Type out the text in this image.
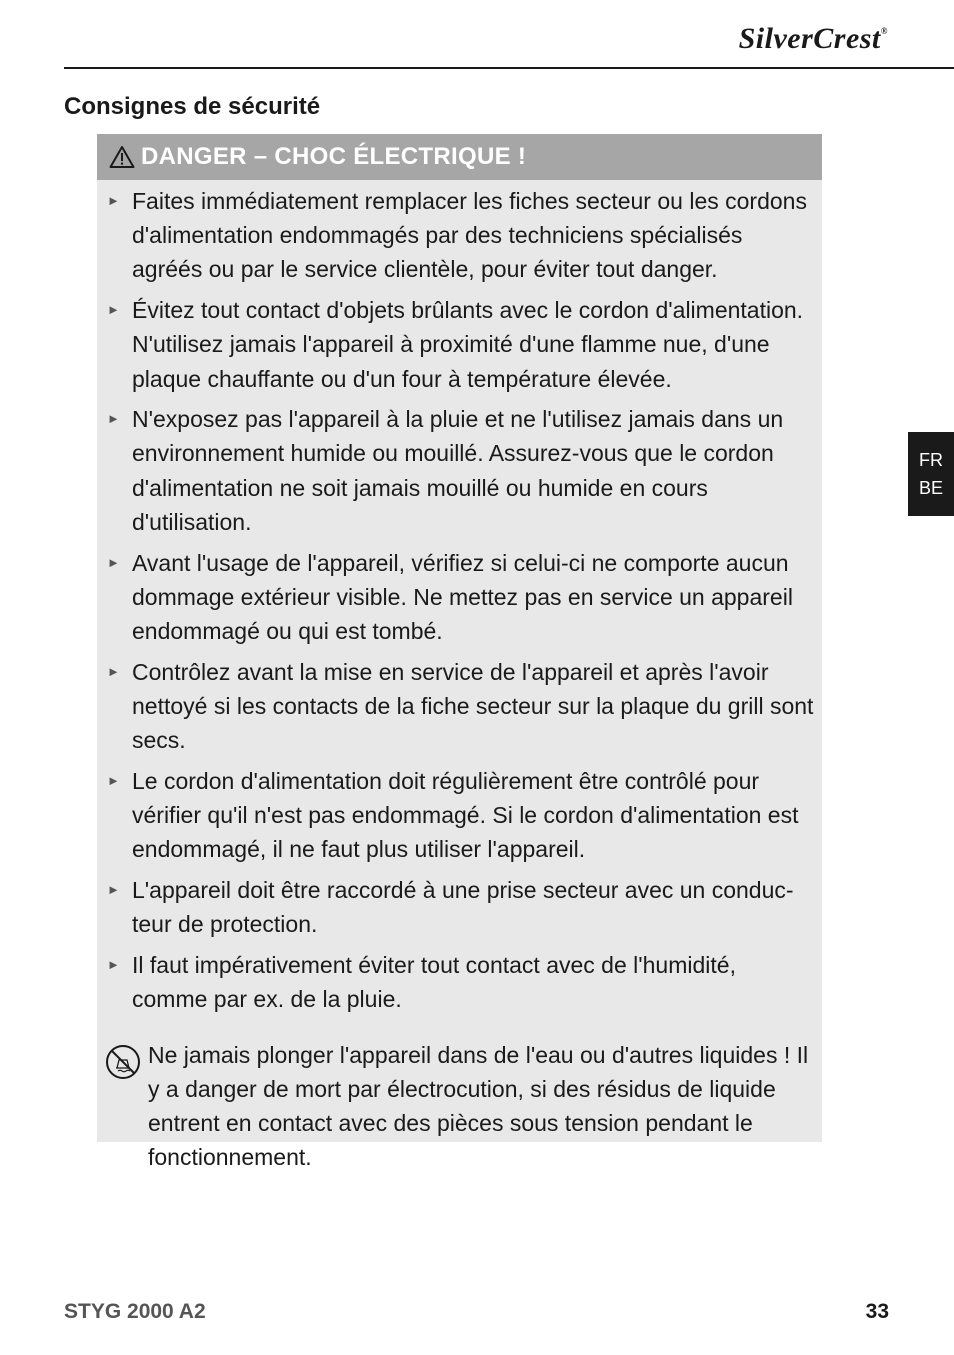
SilverCrest®
Consignes de sécurité
DANGER – CHOC ÉLECTRIQUE !
► Faites immédiatement remplacer les fiches secteur ou les cordons d'alimentation endommagés par des techniciens spécialisés agréés ou par le service clientèle, pour éviter tout danger.
► Évitez tout contact d'objets brûlants avec le cordon d'alimentation. N'utilisez jamais l'appareil à proximité d'une flamme nue, d'une plaque chauffante ou d'un four à température élevée.
► N'exposez pas l'appareil à la pluie et ne l'utilisez jamais dans un environnement humide ou mouillé. Assurez-vous que le cordon d'alimentation ne soit jamais mouillé ou humide en cours d'utilisation.
► Avant l'usage de l'appareil, vérifiez si celui-ci ne comporte aucun dommage extérieur visible. Ne mettez pas en service un appareil endommagé ou qui est tombé.
► Contrôlez avant la mise en service de l'appareil et après l'avoir nettoyé si les contacts de la fiche secteur sur la plaque du grill sont secs.
► Le cordon d'alimentation doit régulièrement être contrôlé pour vérifier qu'il n'est pas endommagé. Si le cordon d'alimentation est endommagé, il ne faut plus utiliser l'appareil.
► L'appareil doit être raccordé à une prise secteur avec un conduc- teur de protection.
► Il faut impérativement éviter tout contact avec de l'humidité, comme par ex. de la pluie.
Ne jamais plonger l'appareil dans de l'eau ou d'autres liquides ! Il y a danger de mort par électrocution, si des résidus de liquide entrent en contact avec des pièces sous tension pendant le fonctionnement.
FR
BE
STYG 2000 A2	33
